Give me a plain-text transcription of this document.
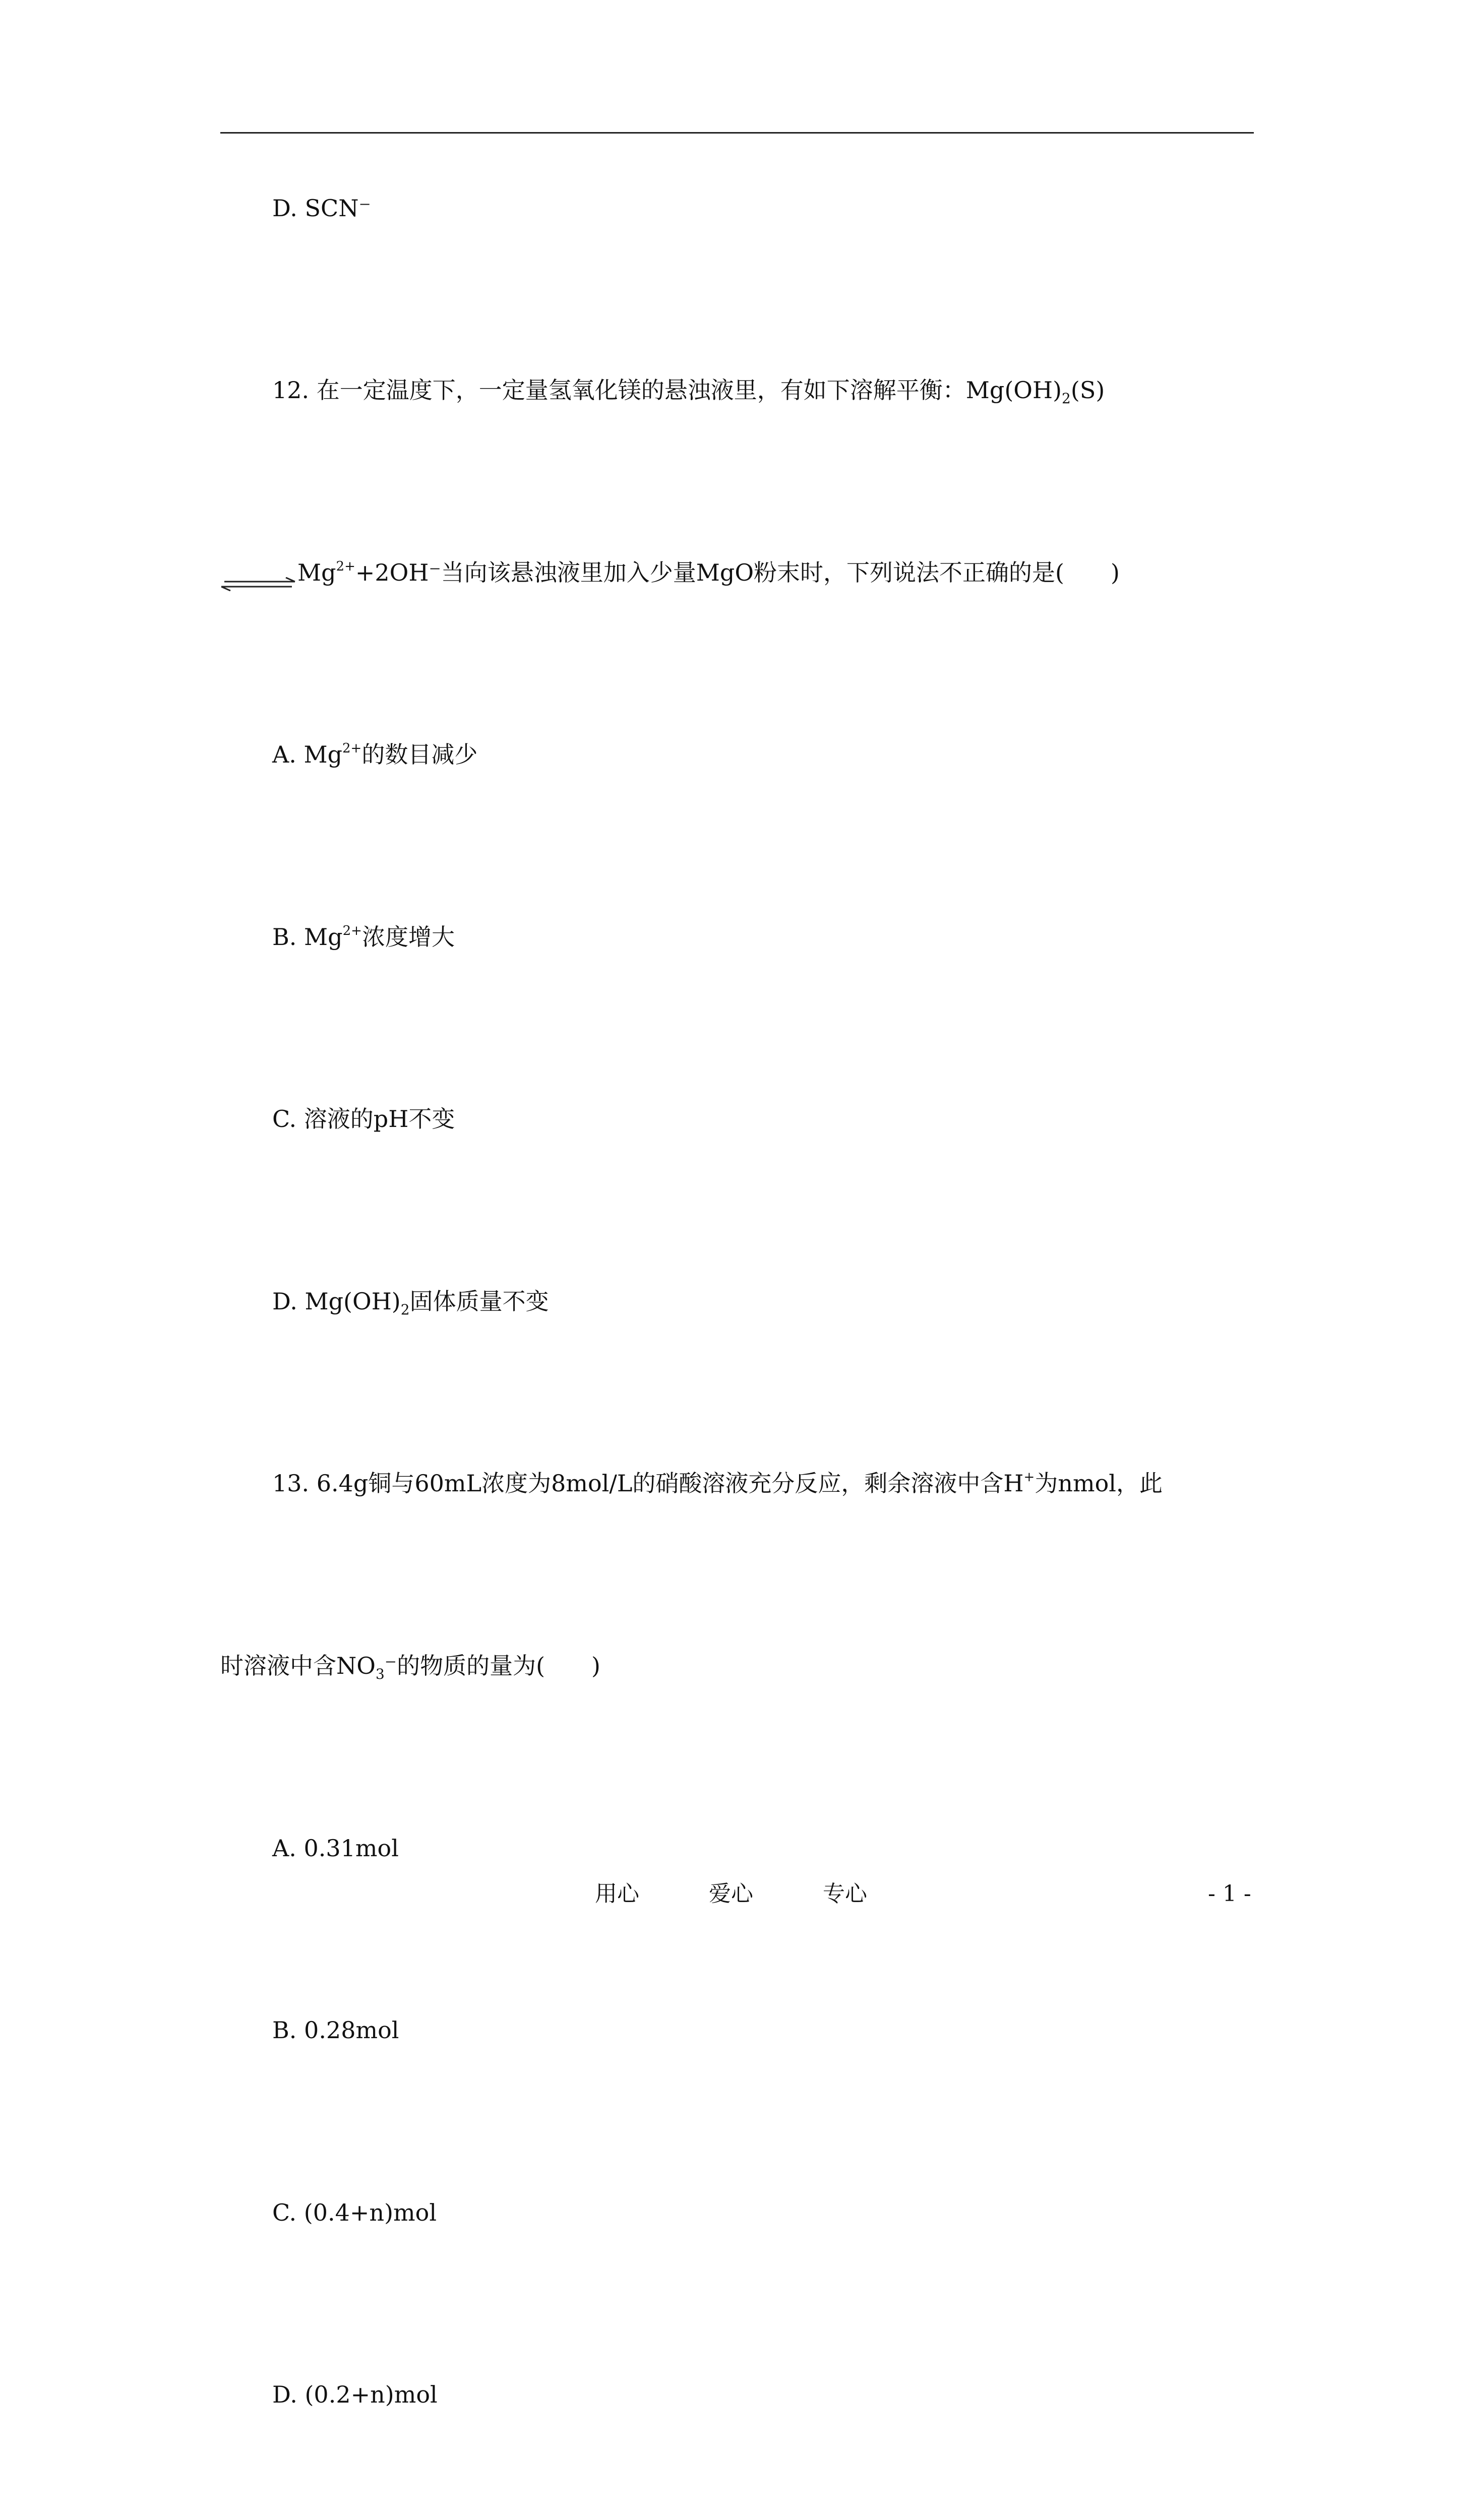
D. SCN⁻
12. 在一定温度下，一定量氢氧化镁的悬浊液里，有如下溶解平衡：$Mg(OH)_2(S)$
$Mg^{2+}+2OH^-$当向该悬浊液里加入少量MgO粉末时，下列说法不正确的是(　　)
A. $Mg^{2+}$的数目减少
B. $Mg^{2+}$浓度增大
C. 溶液的pH不变
D. $Mg(OH)_2$固体质量不变
13. 6.4g铜与60mL浓度为8mol/L的硝酸溶液充分反应，剩余溶液中含H+为nmol，此
时溶液中含$NO_3^-$的物质的量为(　　)
A. 0.31mol
B. 0.28mol
C. (0.4+n)mol
D. (0.2+n)mol
用心	爱心	专心	- 1 -
